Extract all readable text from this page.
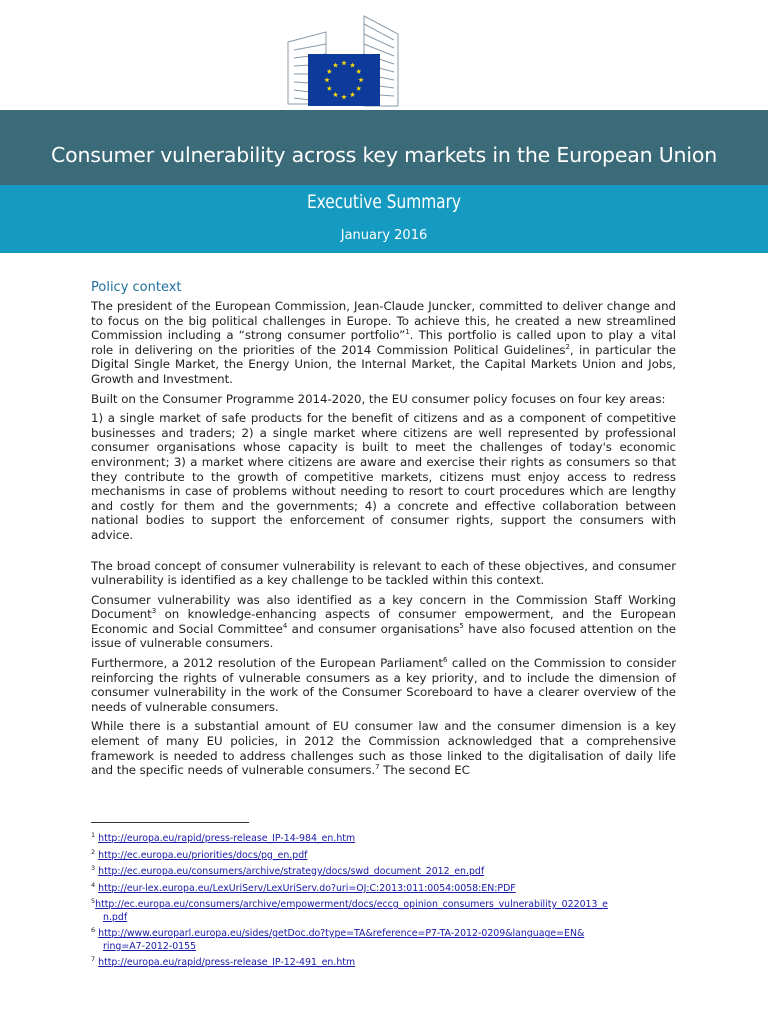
Consumer vulnerability across key markets in the European Union
Executive Summary
January 2016
Policy context

The president of the European Commission, Jean-Claude Juncker, committed to deliver change and to focus on the big political challenges in Europe. To achieve this, he created a new streamlined Commission including a “strong consumer portfolio”$^1$. This portfolio is called upon to play a vital role in delivering on the priorities of the 2014 Commission Political Guidelines$^2$, in particular the Digital Single Market, the Energy Union, the Internal Market, the Capital Markets Union and Jobs, Growth and Investment.

Built on the Consumer Programme 2014-2020, the EU consumer policy focuses on four key areas:

1) a single market of safe products for the benefit of citizens and as a component of competitive businesses and traders; 2) a single market where citizens are well represented by professional consumer organisations whose capacity is built to meet the challenges of today's economic environment; 3) a market where citizens are aware and exercise their rights as consumers so that they contribute to the growth of competitive markets, citizens must enjoy access to redress mechanisms in case of problems without needing to resort to court procedures which are lengthy and costly for them and the governments; 4) a concrete and effective collaboration between national bodies to support the enforcement of consumer rights, support the consumers with advice.

The broad concept of consumer vulnerability is relevant to each of these objectives, and consumer vulnerability is identified as a key challenge to be tackled within this context.

Consumer vulnerability was also identified as a key concern in the Commission Staff Working Document$^3$ on knowledge-enhancing aspects of consumer empowerment, and the European Economic and Social Committee$^4$ and consumer organisations$^5$ have also focused attention on the issue of vulnerable consumers.

Furthermore, a 2012 resolution of the European Parliament$^6$ called on the Commission to consider reinforcing the rights of vulnerable consumers as a key priority, and to include the dimension of consumer vulnerability in the work of the Consumer Scoreboard to have a clearer overview of the needs of vulnerable consumers.

While there is a substantial amount of EU consumer law and the consumer dimension is a key element of many EU policies, in 2012 the Commission acknowledged that a comprehensive framework is needed to address challenges such as those linked to the digitalisation of daily life and the specific needs of vulnerable consumers.$^7$ The second EC

$^1$ http://europa.eu/rapid/press-release_IP-14-984_en.htm
$^2$ http://ec.europa.eu/priorities/docs/pg_en.pdf
$^3$ http://ec.europa.eu/consumers/archive/strategy/docs/swd_document_2012_en.pdf
$^4$ http://eur-lex.europa.eu/LexUriServ/LexUriServ.do?uri=OJ:C:2013:011:0054:0058:EN:PDF
$^5$http://ec.europa.eu/consumers/archive/empowerment/docs/eccg_opinion_consumers_vulnerability_022013_e
n.pdf
$^6$ http://www.europarl.europa.eu/sides/getDoc.do?type=TA&reference=P7-TA-2012-0209&language=EN&
ring=A7-2012-0155
$^7$ http://europa.eu/rapid/press-release_IP-12-491_en.htm
